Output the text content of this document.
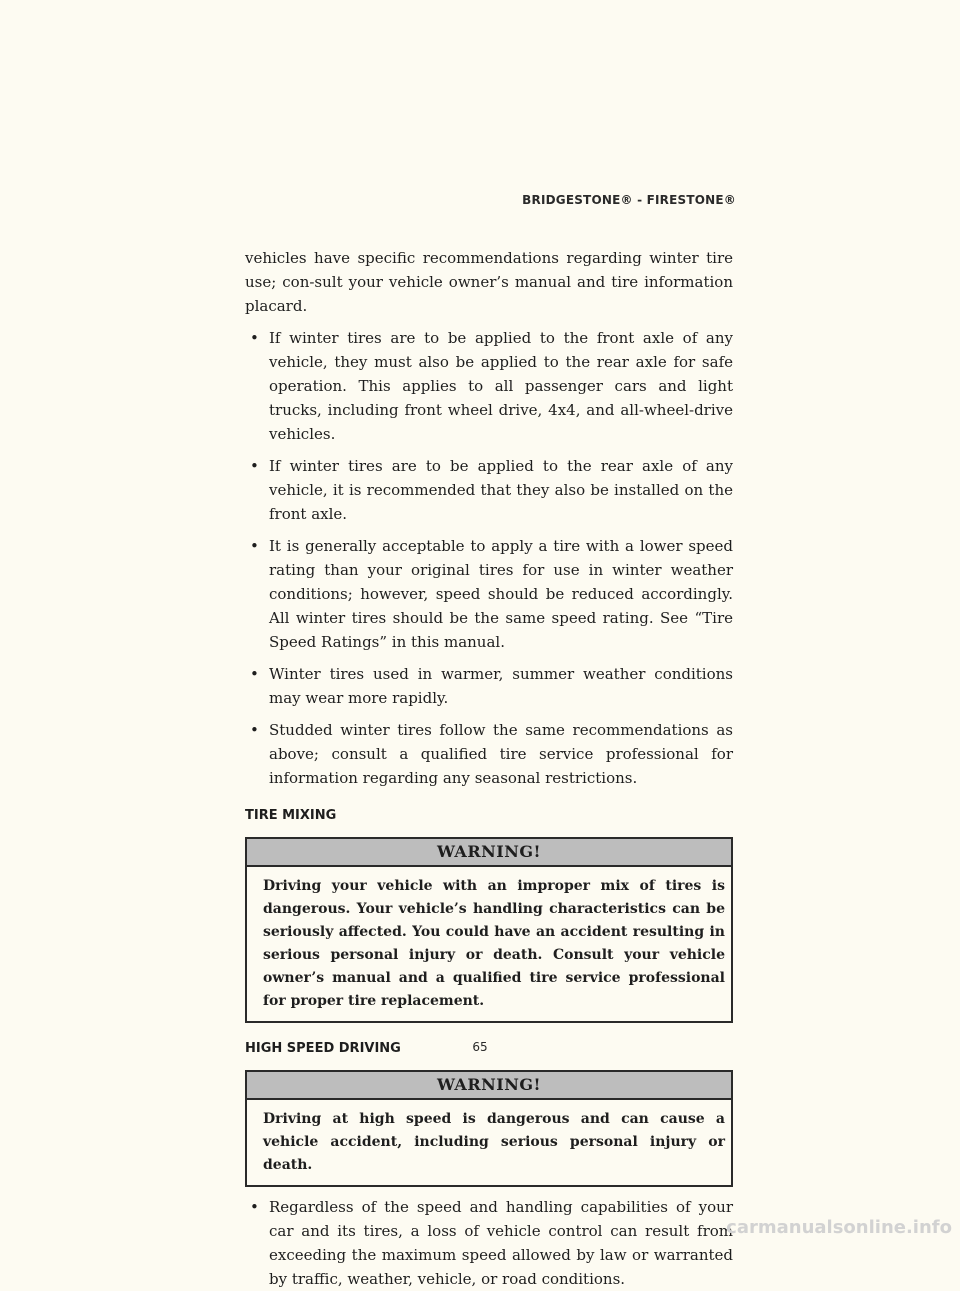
BRIDGESTONE® - FIRESTONE®

vehicles have specific recommendations regarding winter tire use; con-sult your vehicle owner’s manual and tire information placard.

• If winter tires are to be applied to the front axle of any vehicle, they must also be applied to the rear axle for safe operation. This applies to all passenger cars and light trucks, including front wheel drive, 4x4, and all-wheel-drive vehicles.
• If winter tires are to be applied to the rear axle of any vehicle, it is recommended that they also be installed on the front axle.
• It is generally acceptable to apply a tire with a lower speed rating than your original tires for use in winter weather conditions; however, speed should be reduced accordingly. All winter tires should be the same speed rating. See “Tire Speed Ratings” in this manual.
• Winter tires used in warmer, summer weather conditions may wear more rapidly.
• Studded winter tires follow the same recommendations as above; consult a qualified tire service professional for information regarding any seasonal restrictions.
TIRE MIXING
WARNING!
Driving your vehicle with an improper mix of tires is dangerous. Your vehicle’s handling characteristics can be seriously affected. You could have an accident resulting in serious personal injury or death. Consult your vehicle owner’s manual and a qualified tire service professional for proper tire replacement.
HIGH SPEED DRIVING
WARNING!
Driving at high speed is dangerous and can cause a vehicle accident, including serious personal injury or death.
• Regardless of the speed and handling capabilities of your car and its tires, a loss of vehicle control can result from exceeding the maximum speed allowed by law or warranted by traffic, weather, vehicle, or road conditions.
65
carmanualsonline.info
